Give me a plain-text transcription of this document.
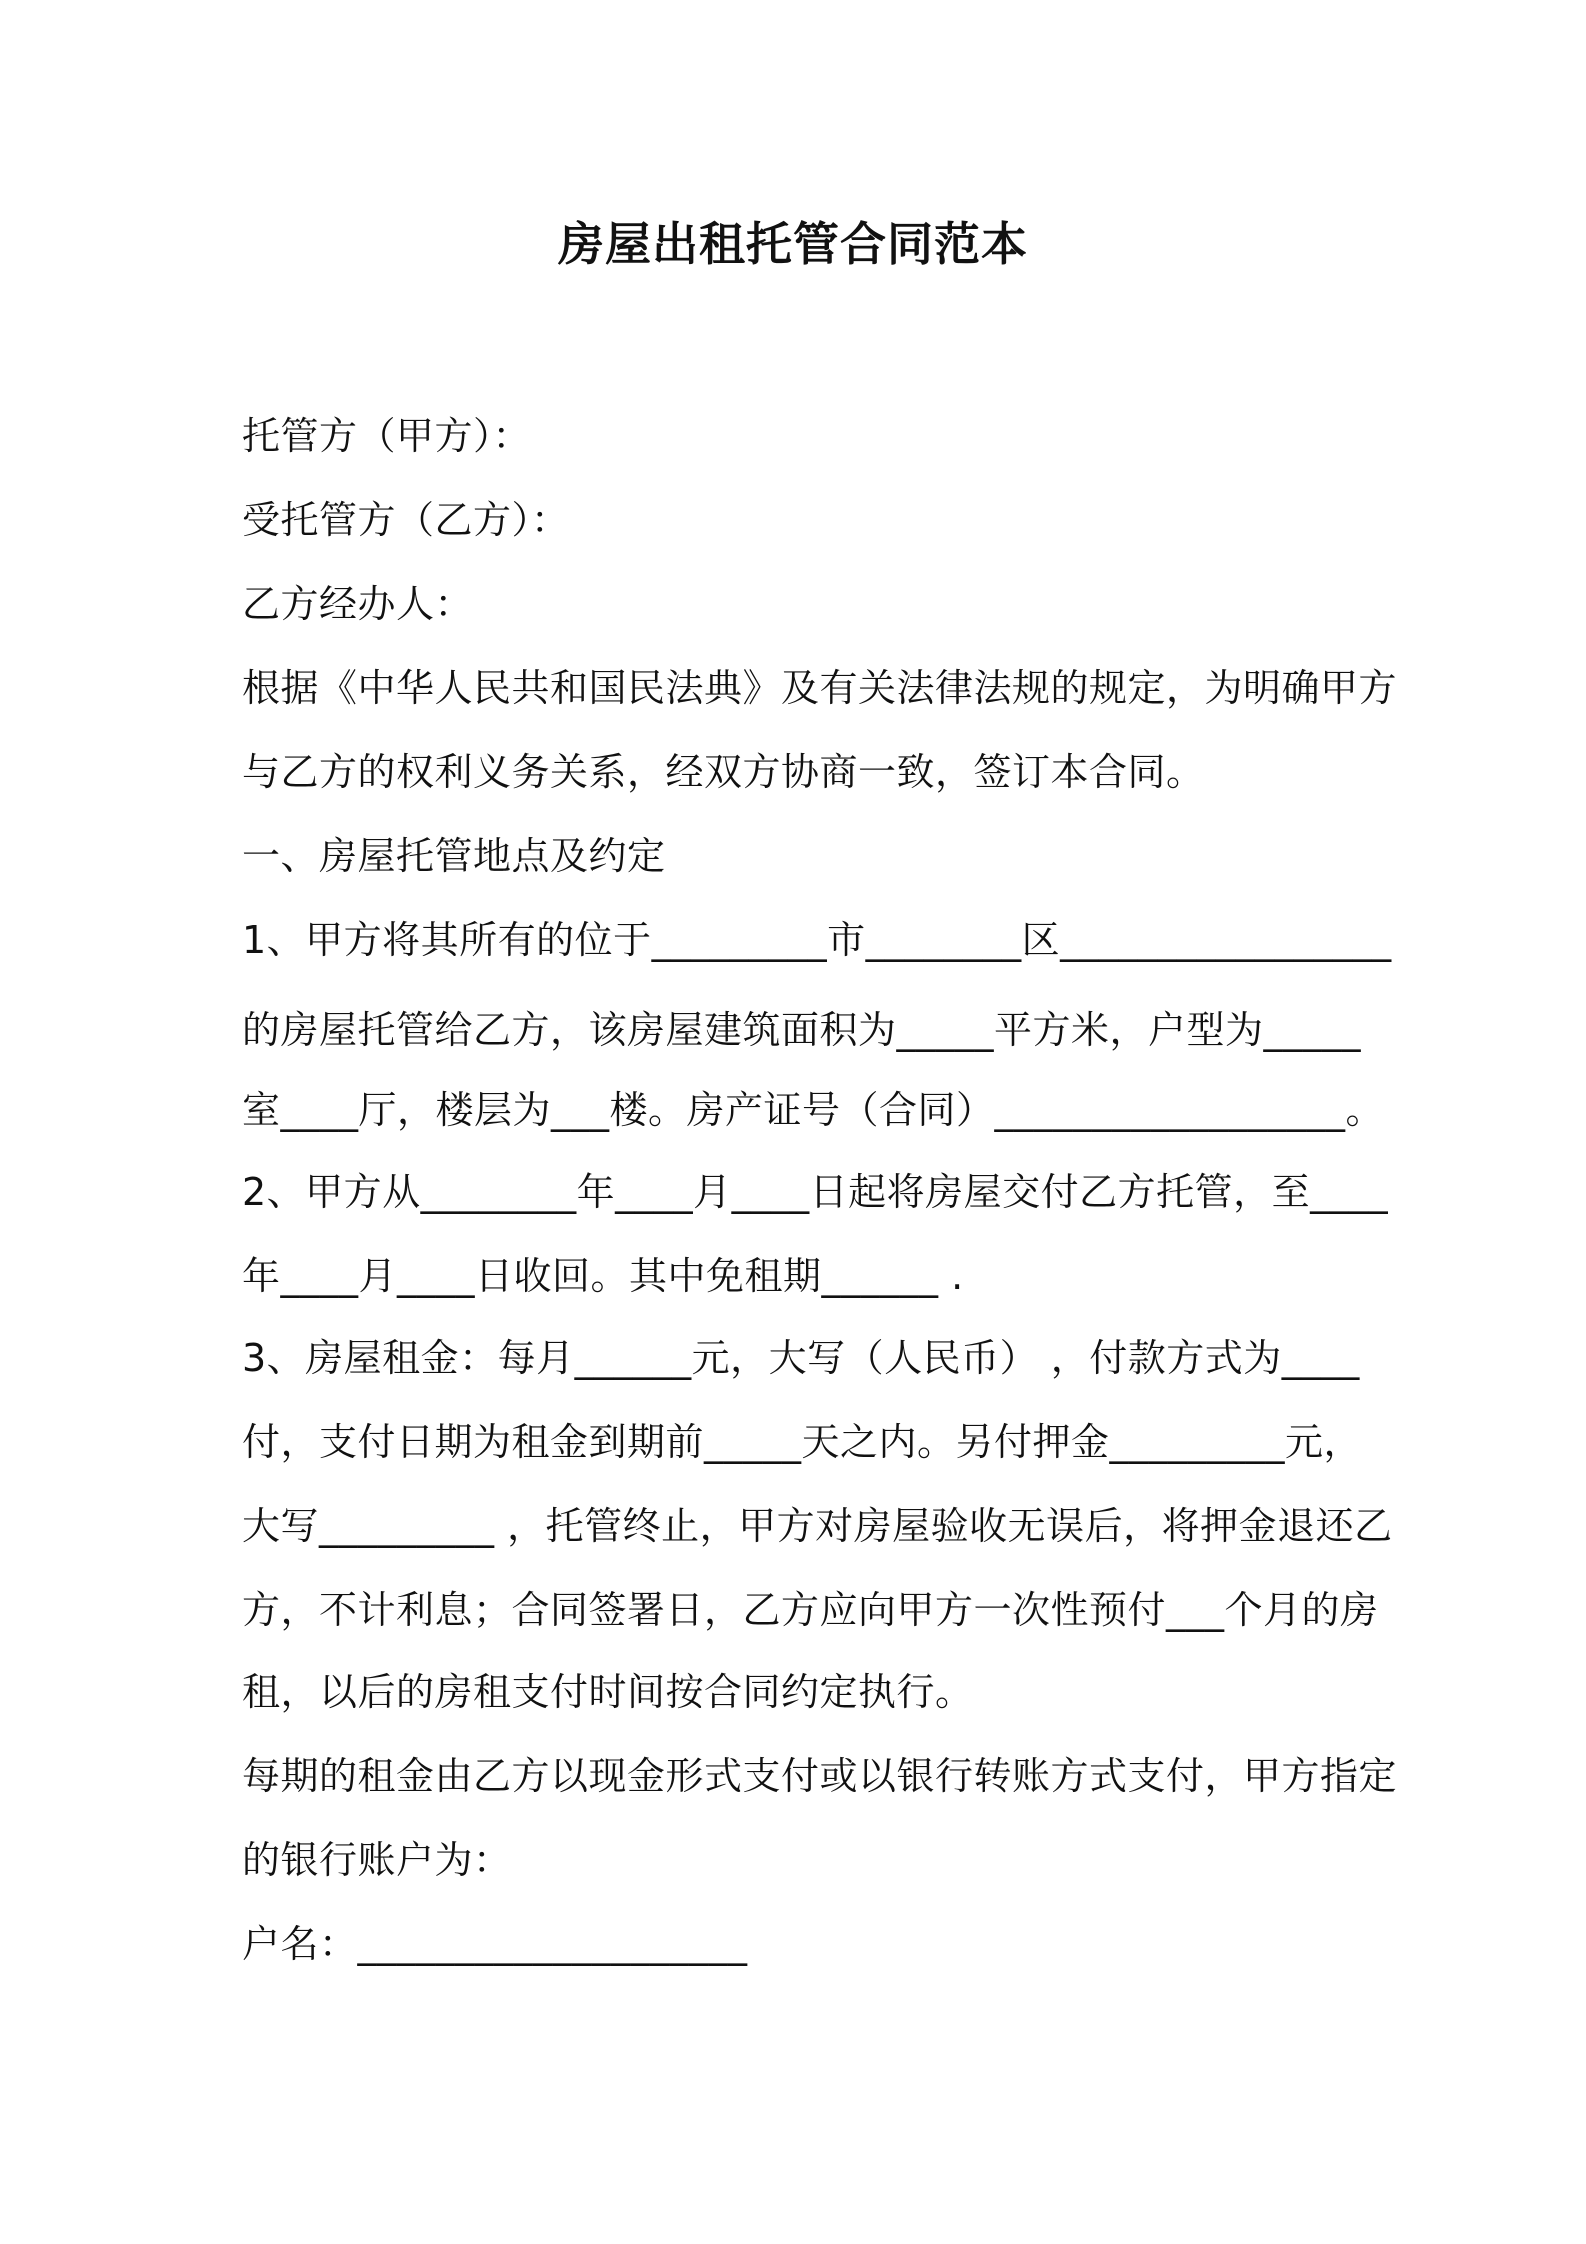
房屋出租托管合同范本
托管方（甲方）：
受托管方（乙方）：
乙方经办人：
根据《中华人民共和国民法典》及有关法律法规的规定，为明确甲方
与乙方的权利义务关系，经双方协商一致，签订本合同。
一、房屋托管地点及约定
1、甲方将其所有的位于_________市________区_________________
的房屋托管给乙方，该房屋建筑面积为_____平方米，户型为_____
室____厅，楼层为___楼。房产证号（合同）__________________。
2、甲方从________年____月____日起将房屋交付乙方托管，至____
年____月____日收回。其中免租期______ .
3、房屋租金：每月______元，大写（人民币） ，付款方式为____
付，支付日期为租金到期前_____天之内。另付押金_________元，
大写_________ ，托管终止，甲方对房屋验收无误后，将押金退还乙
方，不计利息；合同签署日，乙方应向甲方一次性预付___个月的房
租，以后的房租支付时间按合同约定执行。
每期的租金由乙方以现金形式支付或以银行转账方式支付，甲方指定
的银行账户为：
户名：____________________
